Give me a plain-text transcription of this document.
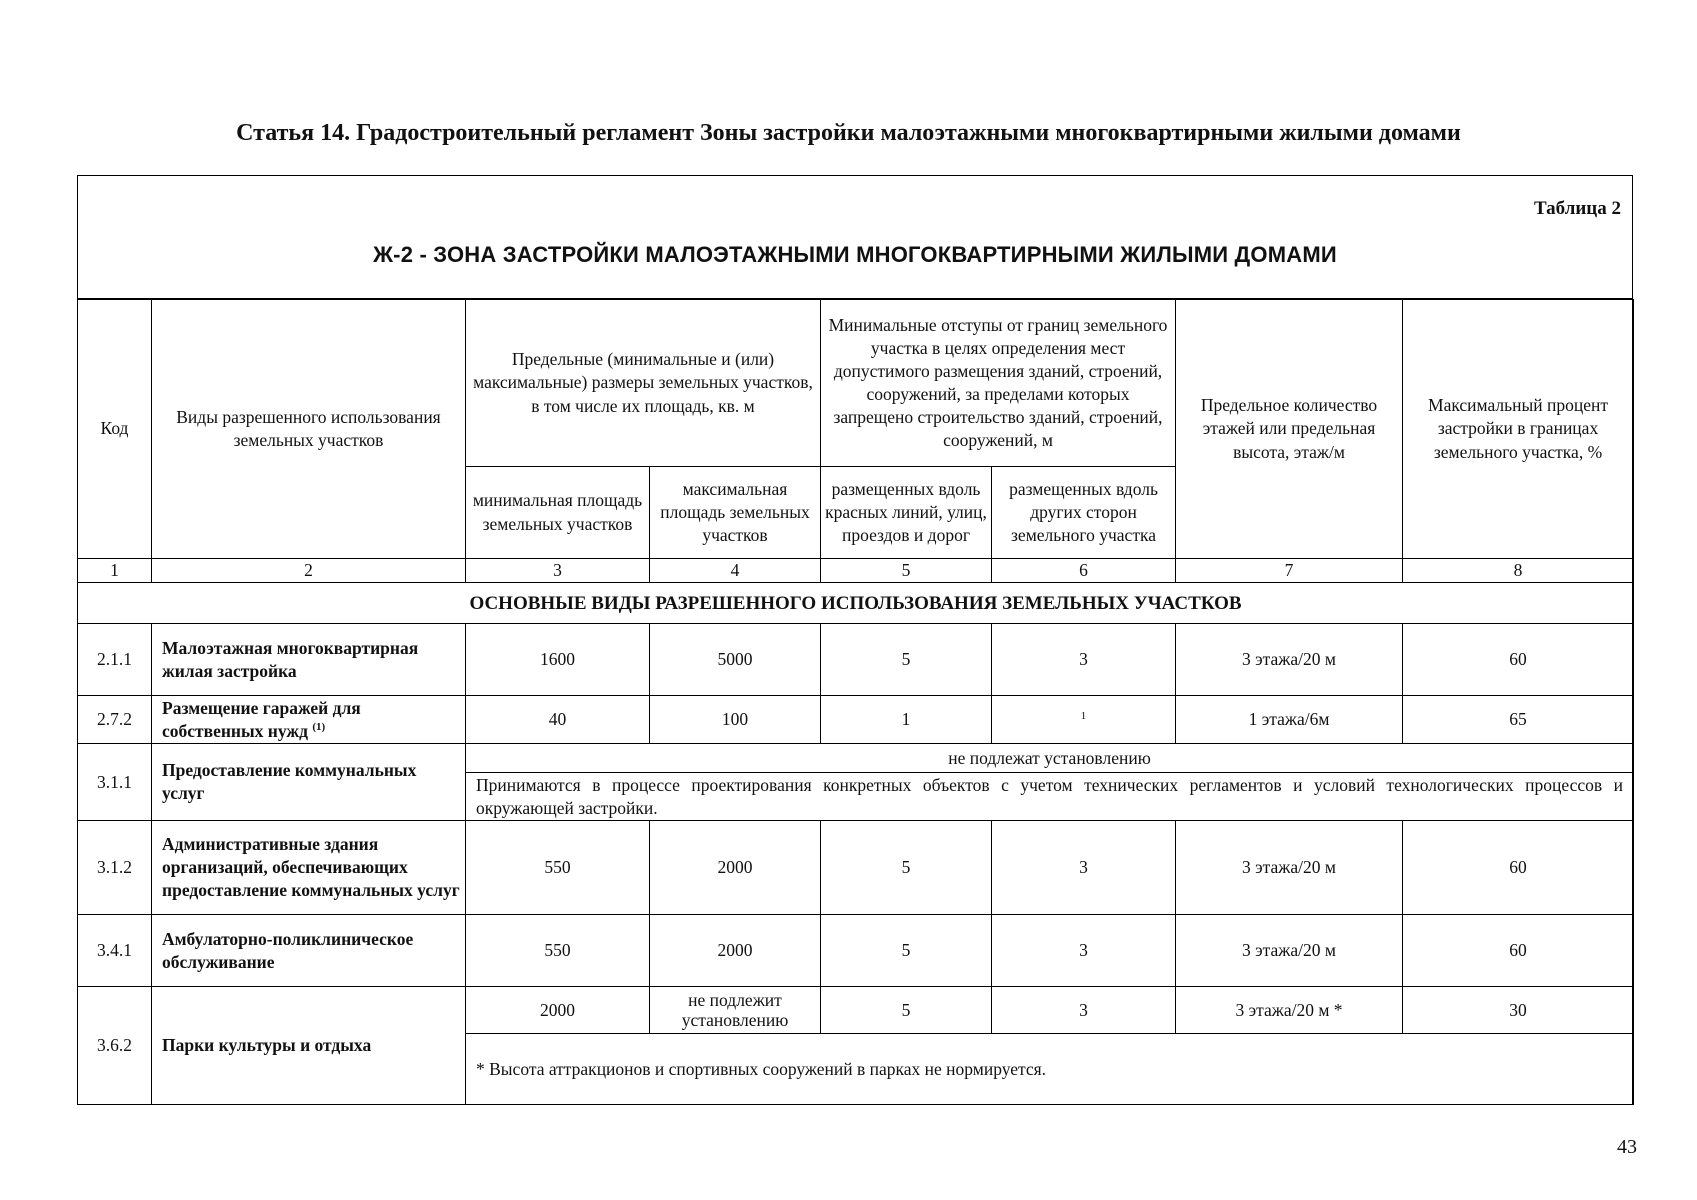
Статья 14. Градостроительный регламент Зоны застройки малоэтажными многоквартирными жилыми домами
Таблица 2
Ж-2 - ЗОНА ЗАСТРОЙКИ МАЛОЭТАЖНЫМИ МНОГОКВАРТИРНЫМИ ЖИЛЫМИ ДОМАМИ
Код	Виды разрешенного использования земельных участков	Предельные (минимальные и (или) максимальные) размеры земельных участков, в том числе их площадь, кв. м		Минимальные отступы от границ земельного участка в целях определения мест допустимого размещения зданий, строений, сооружений, за пределами которых запрещено строительство зданий, строений, сооружений, м		Предельное количество этажей или предельная высота, этаж/м	Максимальный процент застройки в границах земельного участка, %
		минимальная площадь земельных участков	максимальная площадь земельных участков	размещенных вдоль красных линий, улиц, проездов и дорог	размещенных вдоль других сторон земельного участка		
1	2	3	4	5	6	7	8
ОСНОВНЫЕ ВИДЫ РАЗРЕШЕННОГО ИСПОЛЬЗОВАНИЯ ЗЕМЕЛЬНЫХ УЧАСТКОВ							
2.1.1	Малоэтажная многоквартирная жилая застройка	1600	5000	5	3	3 этажа/20 м	60
2.7.2	Размещение гаражей для собственных нужд $^{(1)}$	40	100	1	$^1$	1 этажа/6м	65
3.1.1	Предоставление коммунальных услуг	не подлежат установлению					
		Принимаются в процессе проектирования конкретных объектов с учетом технических регламентов и условий технологических процессов и окружающей застройки.					
3.1.2	Административные здания организаций, обеспечивающих предоставление коммунальных услуг	550	2000	5	3	3 этажа/20 м	60
3.4.1	Амбулаторно-поликлиническое обслуживание	550	2000	5	3	3 этажа/20 м	60
3.6.2	Парки культуры и отдыха	2000	не подлежит установлению	5	3	3 этажа/20 м *	30
		* Высота аттракционов и спортивных сооружений в парках не нормируется.					
43
